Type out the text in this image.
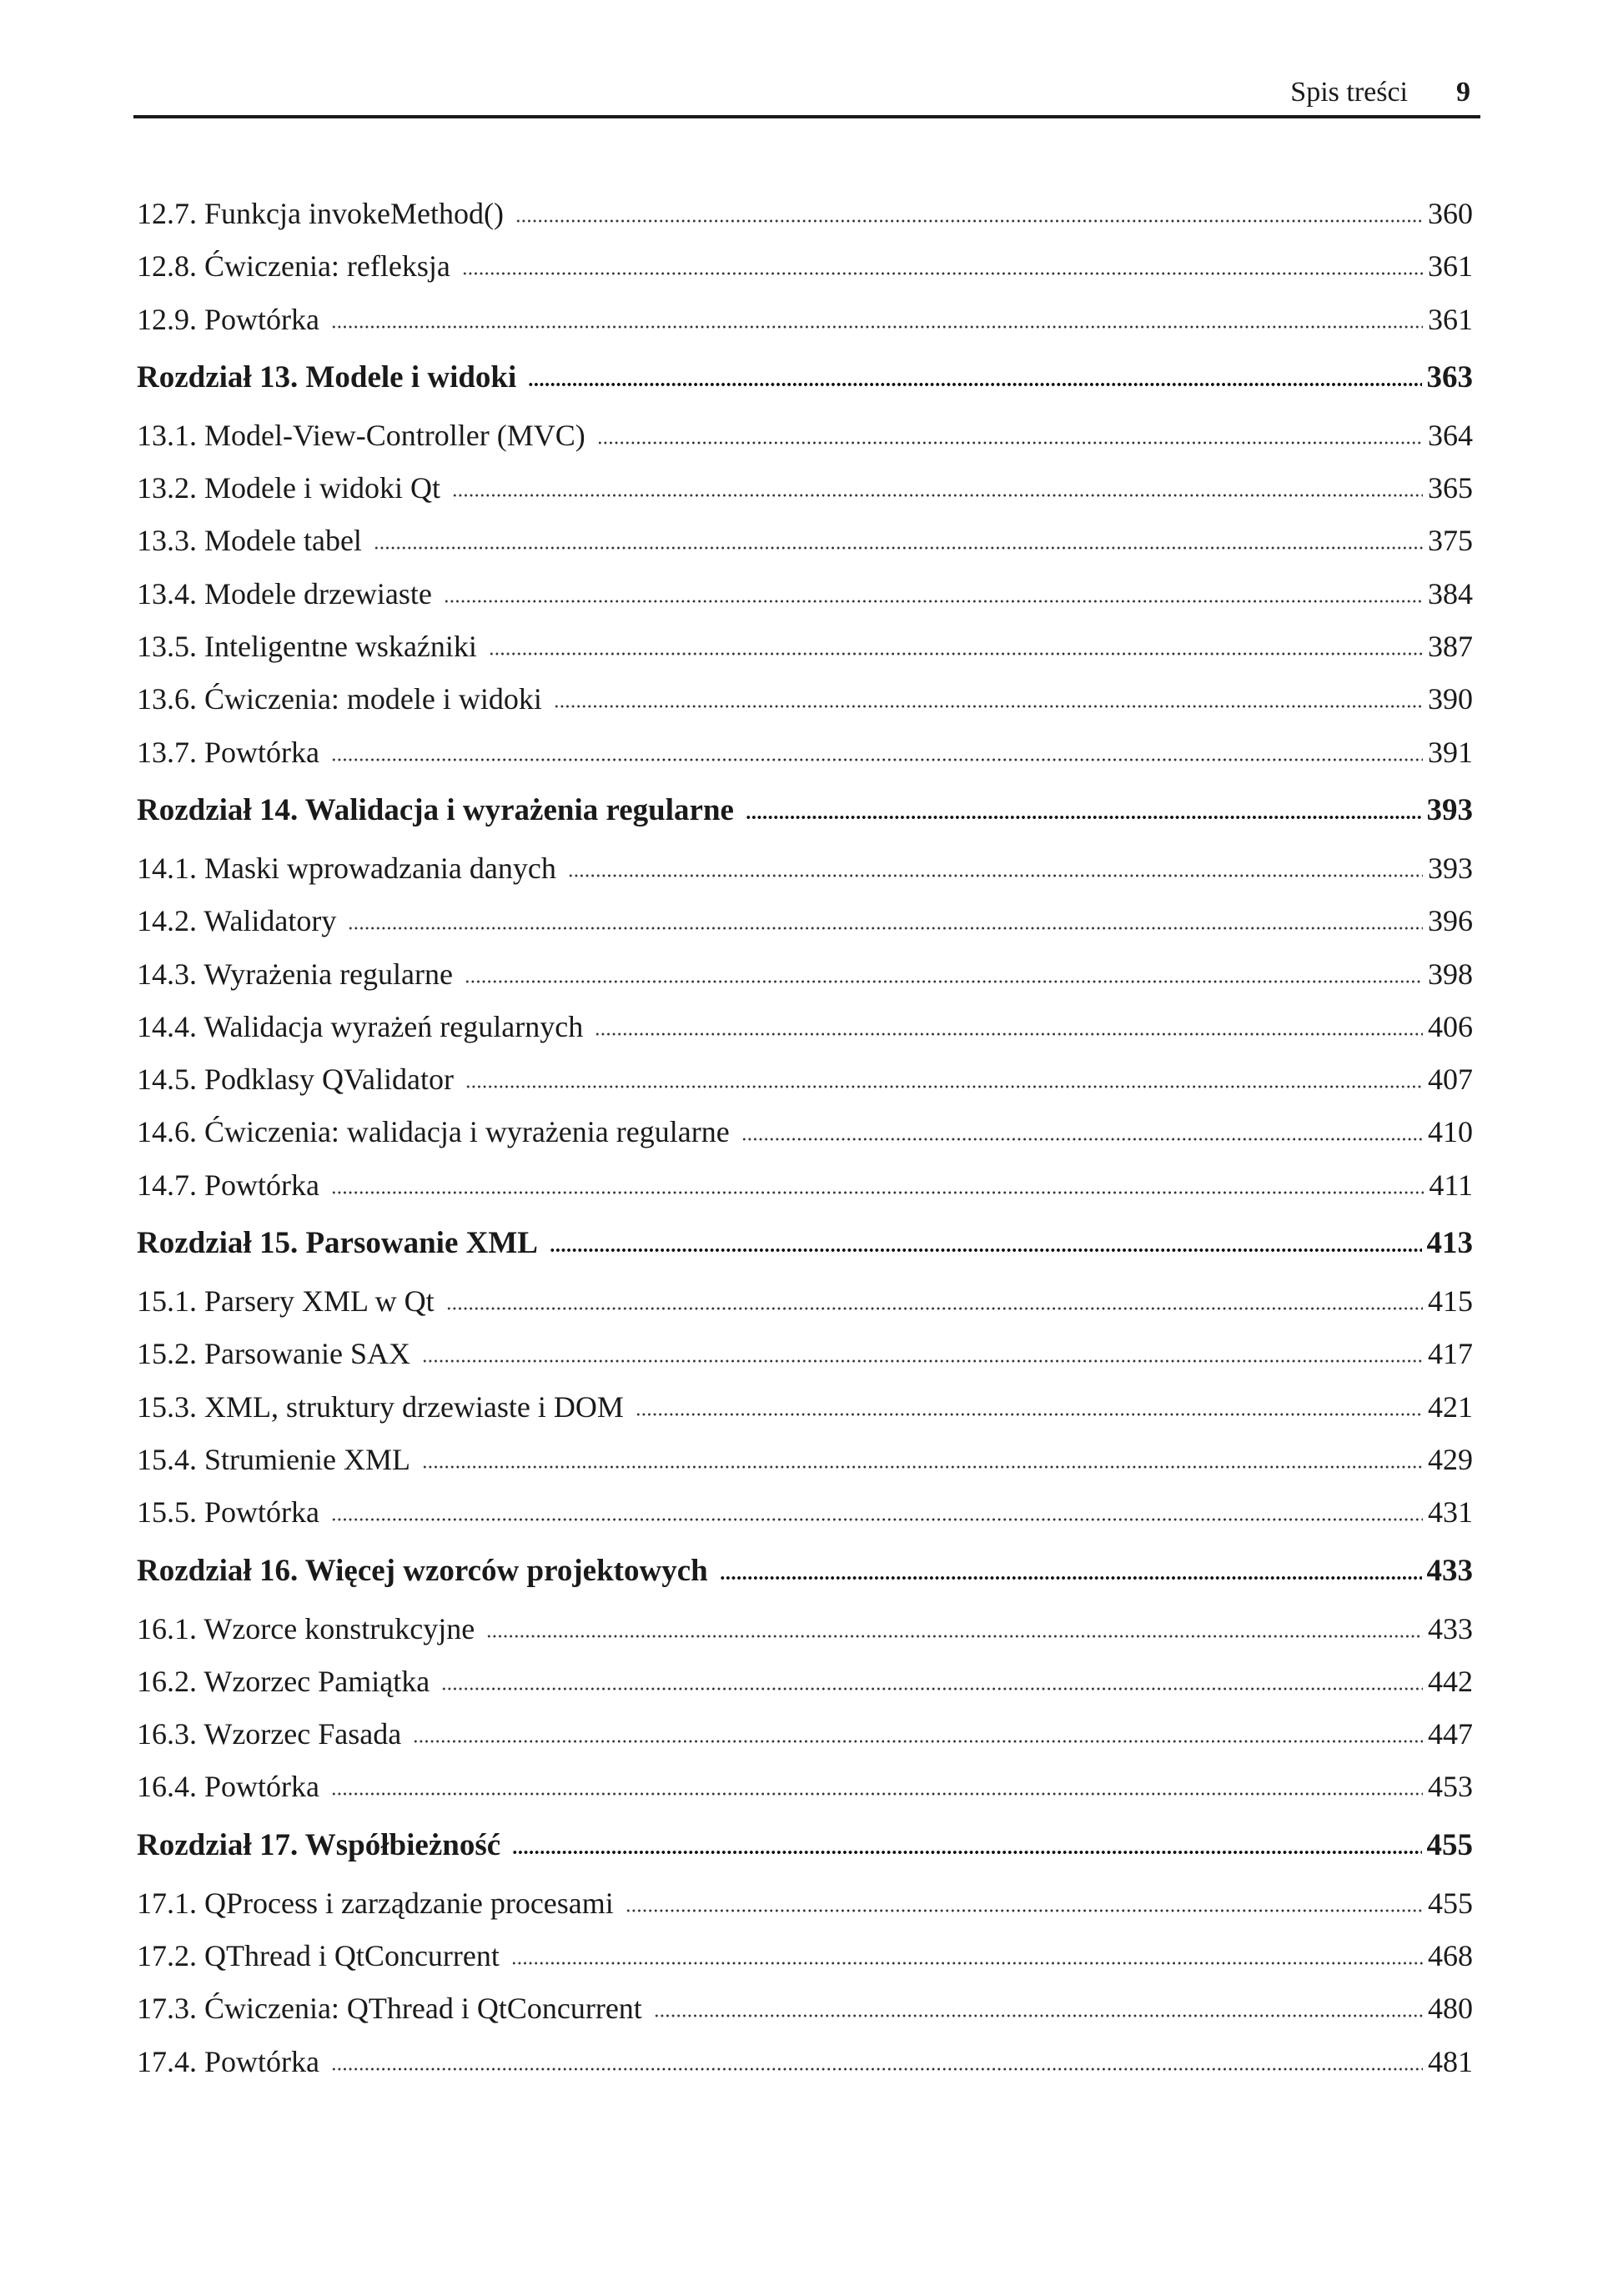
Spis treści 9
12.7. Funkcja invokeMethod()	360
12.8. Ćwiczenia: refleksja	361
12.9. Powtórka	361
Rozdział 13. Modele i widoki	363
13.1. Model-View-Controller (MVC)	364
13.2. Modele i widoki Qt	365
13.3. Modele tabel	375
13.4. Modele drzewiaste	384
13.5. Inteligentne wskaźniki	387
13.6. Ćwiczenia: modele i widoki	390
13.7. Powtórka	391
Rozdział 14. Walidacja i wyrażenia regularne	393
14.1. Maski wprowadzania danych	393
14.2. Walidatory	396
14.3. Wyrażenia regularne	398
14.4. Walidacja wyrażeń regularnych	406
14.5. Podklasy QValidator	407
14.6. Ćwiczenia: walidacja i wyrażenia regularne	410
14.7. Powtórka	411
Rozdział 15. Parsowanie XML	413
15.1. Parsery XML w Qt	415
15.2. Parsowanie SAX	417
15.3. XML, struktury drzewiaste i DOM	421
15.4. Strumienie XML	429
15.5. Powtórka	431
Rozdział 16. Więcej wzorców projektowych	433
16.1. Wzorce konstrukcyjne	433
16.2. Wzorzec Pamiątka	442
16.3. Wzorzec Fasada	447
16.4. Powtórka	453
Rozdział 17. Współbieżność	455
17.1. QProcess i zarządzanie procesami	455
17.2. QThread i QtConcurrent	468
17.3. Ćwiczenia: QThread i QtConcurrent	480
17.4. Powtórka	481
